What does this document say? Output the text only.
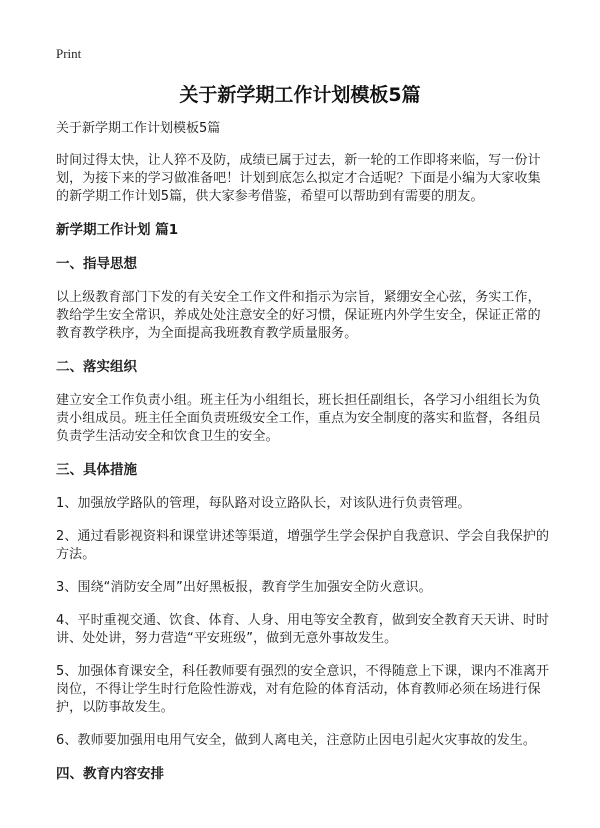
Print
关于新学期工作计划模板5篇
关于新学期工作计划模板5篇
时间过得太快，让人猝不及防，成绩已属于过去，新一轮的工作即将来临，写一份计划，为接下来的学习做准备吧！计划到底怎么拟定才合适呢？下面是小编为大家收集的新学期工作计划5篇，供大家参考借鉴，希望可以帮助到有需要的朋友。
新学期工作计划 篇1
一、指导思想
以上级教育部门下发的有关安全工作文件和指示为宗旨，紧绷安全心弦，务实工作，教给学生安全常识，养成处处注意安全的好习惯，保证班内外学生安全，保证正常的教育教学秩序，为全面提高我班教育教学质量服务。
二、落实组织
建立安全工作负责小组。班主任为小组组长，班长担任副组长，各学习小组组长为负责小组成员。班主任全面负责班级安全工作，重点为安全制度的落实和监督，各组员负责学生活动安全和饮食卫生的安全。
三、具体措施
1、加强放学路队的管理，每队路对设立路队长，对该队进行负责管理。
2、通过看影视资料和课堂讲述等渠道，增强学生学会保护自我意识、学会自我保护的方法。
3、围绕“消防安全周”出好黑板报，教育学生加强安全防火意识。
4、平时重视交通、饮食、体育、人身、用电等安全教育，做到安全教育天天讲、时时讲、处处讲，努力营造“平安班级”，做到无意外事故发生。
5、加强体育课安全，科任教师要有强烈的安全意识，不得随意上下课，课内不准离开岗位，不得让学生时行危险性游戏，对有危险的体育活动，体育教师必须在场进行保护，以防事故发生。
6、教师要加强用电用气安全，做到人离电关，注意防止因电引起火灾事故的发生。
四、教育内容安排
